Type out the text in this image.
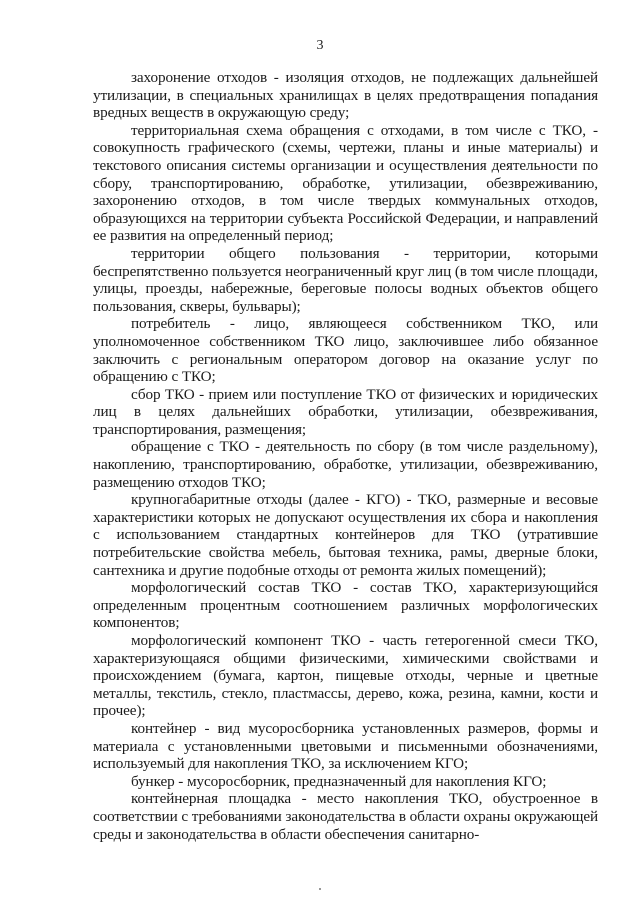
3

захоронение отходов - изоляция отходов, не подлежащих дальнейшей утилизации, в специальных хранилищах в целях предотвращения попадания вредных веществ в окружающую среду;

территориальная схема обращения с отходами, в том числе с ТКО, - совокупность графического (схемы, чертежи, планы и иные материалы) и текстового описания системы организации и осуществления деятельности по сбору, транспортированию, обработке, утилизации, обезвреживанию, захоронению отходов, в том числе твердых коммунальных отходов, образующихся на территории субъекта Российской Федерации, и направлений ее развития на определенный период;

территории общего пользования - территории, которыми беспрепятственно пользуется неограниченный круг лиц (в том числе площади, улицы, проезды, набережные, береговые полосы водных объектов общего пользования, скверы, бульвары);

потребитель - лицо, являющееся собственником ТКО, или уполномоченное собственником ТКО лицо, заключившее либо обязанное заключить с региональным оператором договор на оказание услуг по обращению с ТКО;

сбор ТКО - прием или поступление ТКО от физических и юридических лиц в целях дальнейших обработки, утилизации, обезвреживания, транспортирования, размещения;

обращение с ТКО - деятельность по сбору (в том числе раздельному), накоплению, транспортированию, обработке, утилизации, обезвреживанию, размещению отходов ТКО;

крупногабаритные отходы (далее - КГО) - ТКО, размерные и весовые характеристики которых не допускают осуществления их сбора и накопления с использованием стандартных контейнеров для ТКО (утратившие потребительские свойства мебель, бытовая техника, рамы, дверные блоки, сантехника и другие подобные отходы от ремонта жилых помещений);

морфологический состав ТКО - состав ТКО, характеризующийся определенным процентным соотношением различных морфологических компонентов;

морфологический компонент ТКО - часть гетерогенной смеси ТКО, характеризующаяся общими физическими, химическими свойствами и происхождением (бумага, картон, пищевые отходы, черные и цветные металлы, текстиль, стекло, пластмассы, дерево, кожа, резина, камни, кости и прочее);

контейнер - вид мусоросборника установленных размеров, формы и материала с установленными цветовыми и письменными обозначениями, используемый для накопления ТКО, за исключением КГО;

бункер - мусоросборник, предназначенный для накопления КГО;

контейнерная площадка - место накопления ТКО, обустроенное в соответствии с требованиями законодательства в области охраны окружающей среды и законодательства в области обеспечения санитарно-
